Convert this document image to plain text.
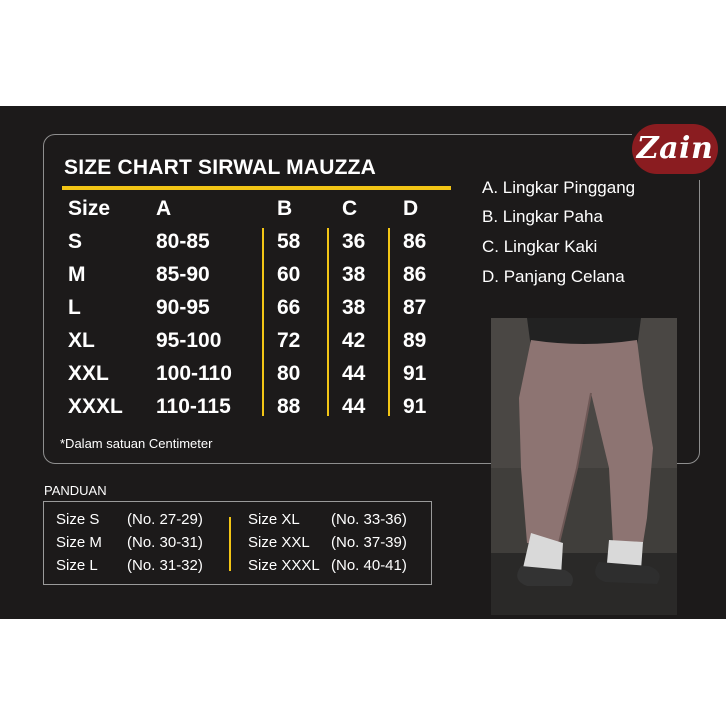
Zain
SIZE CHART SIRWAL MAUZZA
Size A	B C D
S	80-85	58 36 86
M	85-90	60 38 86
L	90-95	66 38 87
XL	95-100	72 42 89
XXL 100-110 80 44 91
XXXL 110-115 88 44 91
*Dalam satuan Centimeter
A. Lingkar Pinggang
B. Lingkar Paha
C. Lingkar Kaki
D. Panjang Celana
PANDUAN
Size S (No. 27-29)
Size M (No. 30-31)
Size L (No. 31-32)
Size XL (No. 33-36)
Size XXL (No. 37-39)
Size XXXL (No. 40-41)
